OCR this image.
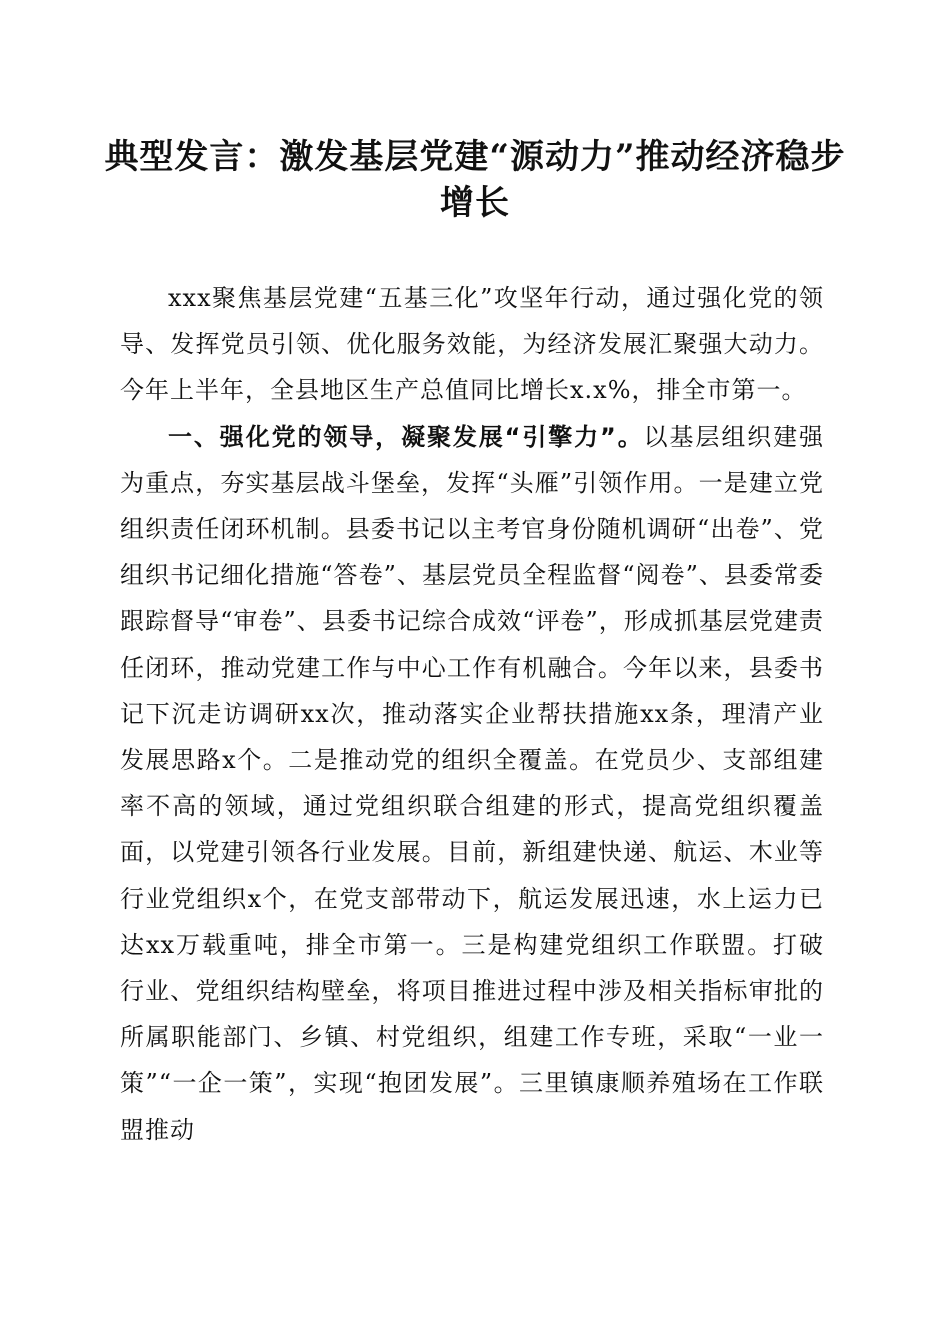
典型发言：激发基层党建“源动力”推动经济稳步增长

xxx聚焦基层党建“五基三化”攻坚年行动，通过强化党的领导、发挥党员引领、优化服务效能，为经济发展汇聚强大动力。今年上半年，全县地区生产总值同比增长x.x%，排全市第一。

一、强化党的领导，凝聚发展“引擎力”。以基层组织建强为重点，夯实基层战斗堡垒，发挥“头雁”引领作用。一是建立党组织责任闭环机制。县委书记以主考官身份随机调研“出卷”、党组织书记细化措施“答卷”、基层党员全程监督“阅卷”、县委常委跟踪督导“审卷”、县委书记综合成效“评卷”，形成抓基层党建责任闭环，推动党建工作与中心工作有机融合。今年以来，县委书记下沉走访调研xx次，推动落实企业帮扶措施xx条，理清产业发展思路x个。二是推动党的组织全覆盖。在党员少、支部组建率不高的领域，通过党组织联合组建的形式，提高党组织覆盖面，以党建引领各行业发展。目前，新组建快递、航运、木业等行业党组织x个，在党支部带动下，航运发展迅速，水上运力已达xx万载重吨，排全市第一。三是构建党组织工作联盟。打破行业、党组织结构壁垒，将项目推进过程中涉及相关指标审批的所属职能部门、乡镇、村党组织，组建工作专班，采取“一业一策”“一企一策”，实现“抱团发展”。三里镇康顺养殖场在工作联盟推动
